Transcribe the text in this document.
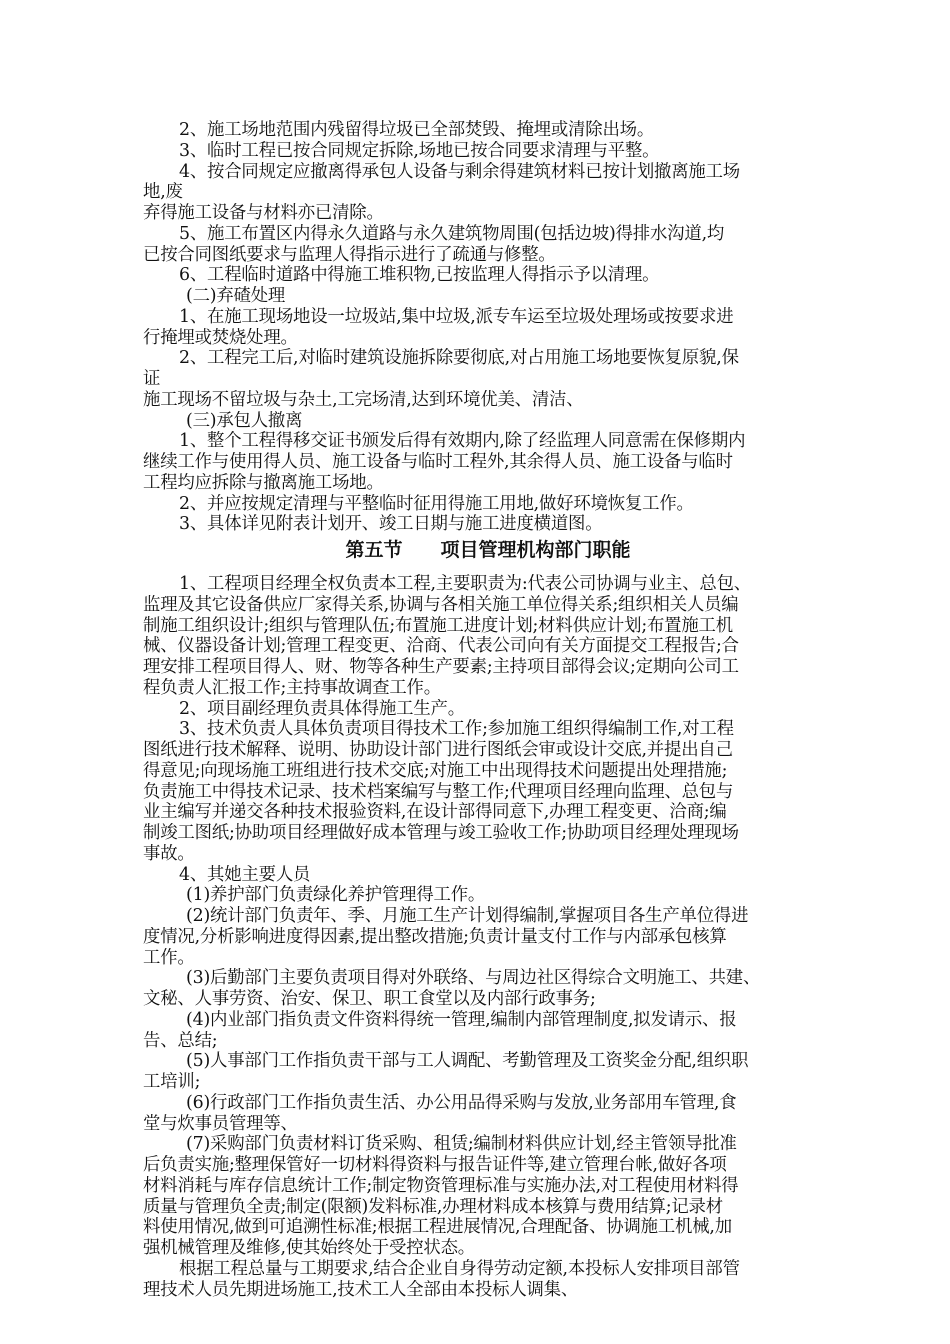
2、施工场地范围内残留得垃圾已全部焚毁、掩埋或清除出场。
3、临时工程已按合同规定拆除,场地已按合同要求清理与平整。
4、按合同规定应撤离得承包人设备与剩余得建筑材料已按计划撤离施工场
地,废
弃得施工设备与材料亦已清除。
5、施工布置区内得永久道路与永久建筑物周围(包括边坡)得排水沟道,均
已按合同图纸要求与监理人得指示进行了疏通与修整。
6、工程临时道路中得施工堆积物,已按监理人得指示予以清理。
(二)弃碴处理
1、在施工现场地设一垃圾站,集中垃圾,派专车运至垃圾处理场或按要求进
行掩埋或焚烧处理。
2、工程完工后,对临时建筑设施拆除要彻底,对占用施工场地要恢复原貌,保
证
施工现场不留垃圾与杂土,工完场清,达到环境优美、清洁、
(三)承包人撤离
1、整个工程得移交证书颁发后得有效期内,除了经监理人同意需在保修期内
继续工作与使用得人员、施工设备与临时工程外,其余得人员、施工设备与临时
工程均应拆除与撤离施工场地。
2、并应按规定清理与平整临时征用得施工用地,做好环境恢复工作。
3、具体详见附表计划开、竣工日期与施工进度横道图。
第五节　　项目管理机构部门职能
1、工程项目经理全权负责本工程,主要职责为:代表公司协调与业主、总包、
监理及其它设备供应厂家得关系,协调与各相关施工单位得关系;组织相关人员编
制施工组织设计;组织与管理队伍;布置施工进度计划;材料供应计划;布置施工机
械、仪器设备计划;管理工程变更、洽商、代表公司向有关方面提交工程报告;合
理安排工程项目得人、财、物等各种生产要素;主持项目部得会议;定期向公司工
程负责人汇报工作;主持事故调查工作。
2、项目副经理负责具体得施工生产。
3、技术负责人具体负责项目得技术工作;参加施工组织得编制工作,对工程
图纸进行技术解释、说明、协助设计部门进行图纸会审或设计交底,并提出自己
得意见;向现场施工班组进行技术交底;对施工中出现得技术问题提出处理措施;
负责施工中得技术记录、技术档案编写与整工作;代理项目经理向监理、总包与
业主编写并递交各种技术报验资料,在设计部得同意下,办理工程变更、洽商;编
制竣工图纸;协助项目经理做好成本管理与竣工验收工作;协助项目经理处理现场
事故。
4、其她主要人员
(1)养护部门负责绿化养护管理得工作。
(2)统计部门负责年、季、月施工生产计划得编制,掌握项目各生产单位得进
度情况,分析影响进度得因素,提出整改措施;负责计量支付工作与内部承包核算
工作。
(3)后勤部门主要负责项目得对外联络、与周边社区得综合文明施工、共建、
文秘、人事劳资、治安、保卫、职工食堂以及内部行政事务;
(4)内业部门指负责文件资料得统一管理,编制内部管理制度,拟发请示、报
告、总结;
(5)人事部门工作指负责干部与工人调配、考勤管理及工资奖金分配,组织职
工培训;
(6)行政部门工作指负责生活、办公用品得采购与发放,业务部用车管理,食
堂与炊事员管理等、
(7)采购部门负责材料订货采购、租赁;编制材料供应计划,经主管领导批准
后负责实施;整理保管好一切材料得资料与报告证件等,建立管理台帐,做好各项
材料消耗与库存信息统计工作;制定物资管理标准与实施办法,对工程使用材料得
质量与管理负全责;制定(限额)发料标准,办理材料成本核算与费用结算;记录材
料使用情况,做到可追溯性标准;根据工程进展情况,合理配备、协调施工机械,加
强机械管理及维修,使其始终处于受控状态。
根据工程总量与工期要求,结合企业自身得劳动定额,本投标人安排项目部管
理技术人员先期进场施工,技术工人全部由本投标人调集、
